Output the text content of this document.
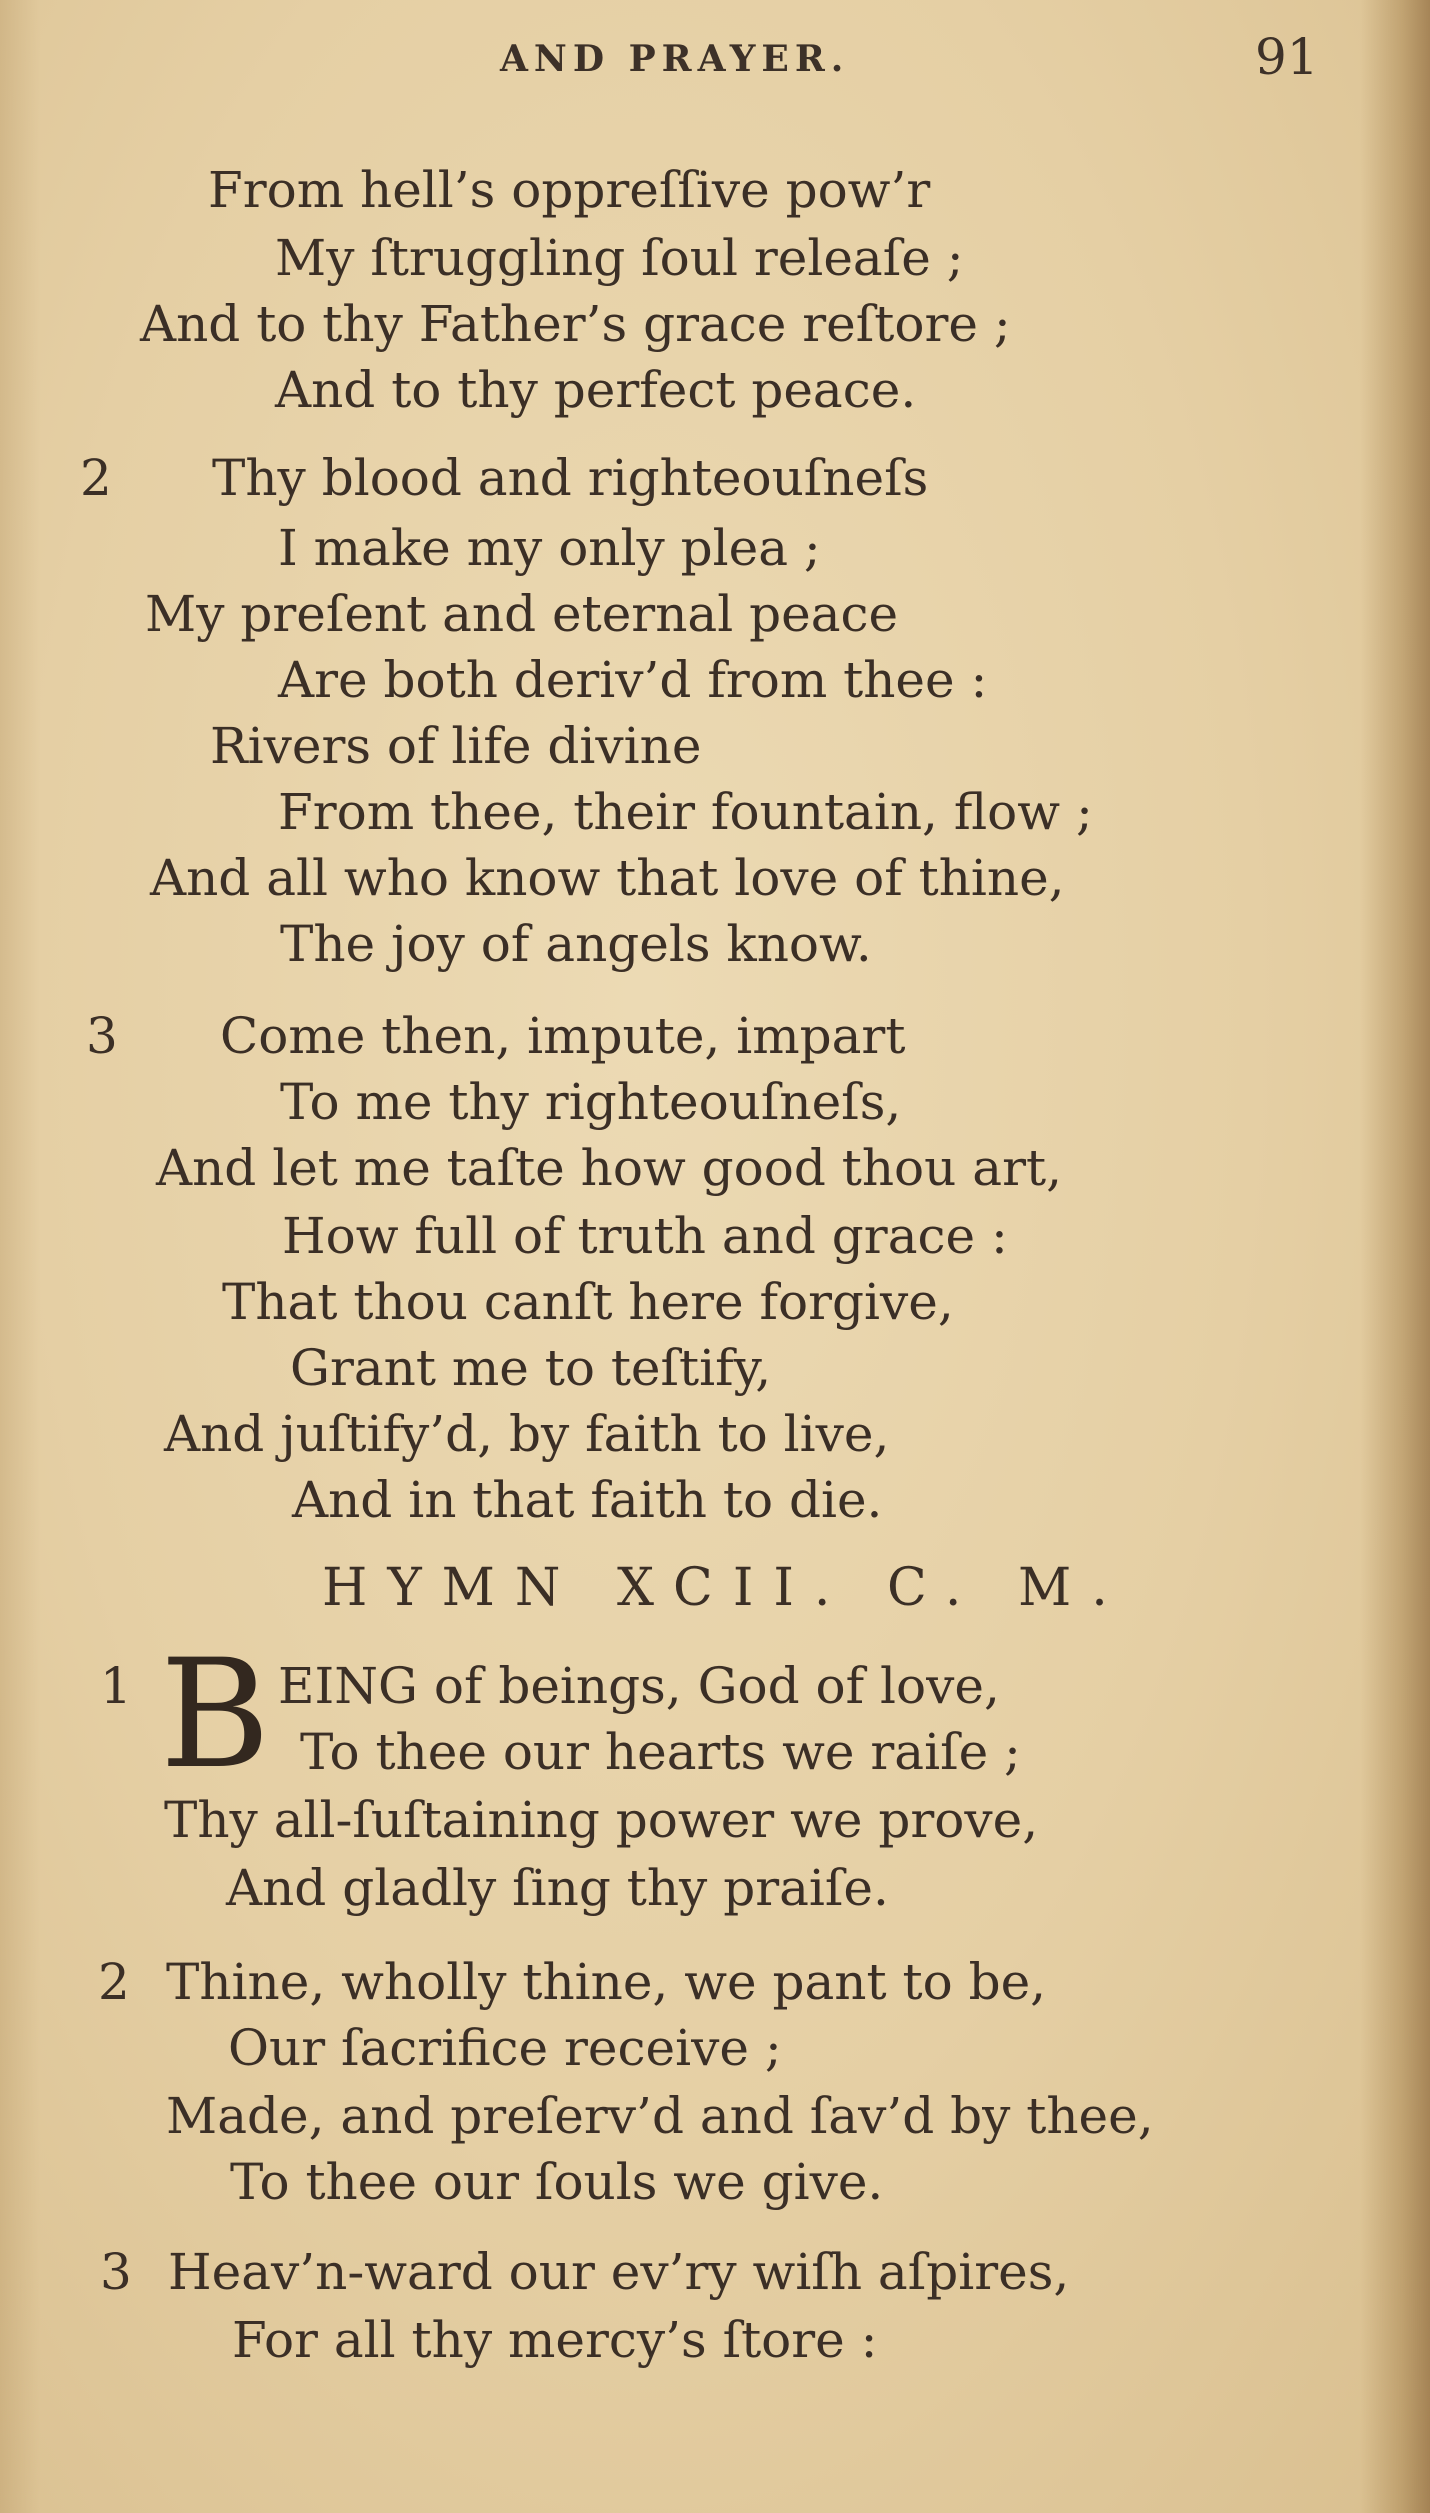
AND PRAYER.	91
From hell’s oppreſſive pow’r
My ſtruggling ſoul releaſe ;
And to thy Father’s grace reſtore ;
And to thy perfect peace.
2 Thy blood and righteouſneſs
I make my only plea ;
My preſent and eternal peace
Are both deriv’d from thee :
Rivers of life divine
From thee, their fountain, flow ;
And all who know that love of thine,
The joy of angels know.
3 Come then, impute, impart
To me thy righteouſneſs,
And let me taſte how good thou art,
How full of truth and grace :
That thou canſt here forgive,
Grant me to teſtify,
And juſtify’d, by faith to live,
And in that faith to die.
HYMN XCII. C. M.
1 B EING of beings, God of love,
To thee our hearts we raiſe ;
Thy all-ſuſtaining power we prove,
And gladly ſing thy praiſe.
2 Thine, wholly thine, we pant to be,
Our ſacrifice receive ;
Made, and preſerv’d and ſav’d by thee,
To thee our ſouls we give.
3 Heav’n-ward our ev’ry wiſh aſpires,
For all thy mercy’s ſtore :
